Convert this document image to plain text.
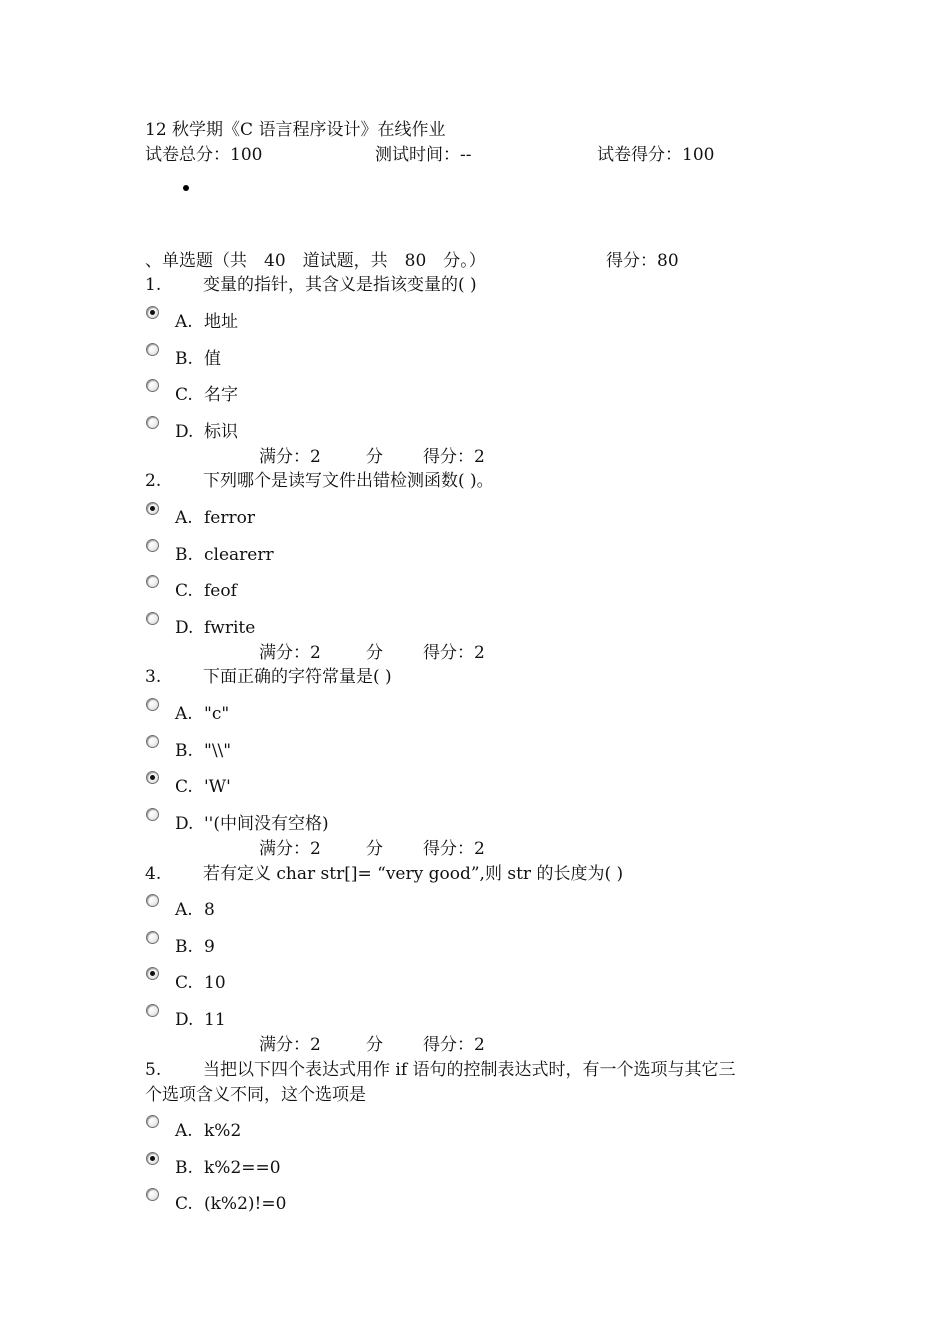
12 秋学期《C 语言程序设计》在线作业
试卷总分：100	测试时间：--	试卷得分：100
、单选题（共　40　道试题，共　80　分。）	得分：80
1. 变量的指针，其含义是指该变量的( )
A. 地址
B. 值
C. 名字
D. 标识
满分：2	分 得分：2
2. 下列哪个是读写文件出错检测函数( )。
A. ferror
B. clearerr
C. feof
D. fwrite
满分：2	分 得分：2
3. 下面正确的字符常量是( )
A. "c"
B. "\\"
C. 'W'
D. ''(中间没有空格)
满分：2	分 得分：2
4. 若有定义 char str[]= “very good”,则 str 的长度为( )
A. 8
B. 9
C. 10
D. 11
满分：2	分 得分：2
5. 当把以下四个表达式用作 if 语句的控制表达式时，有一个选项与其它三
个选项含义不同，这个选项是
A. k%2
B. k%2==0
C. (k%2)!=0
